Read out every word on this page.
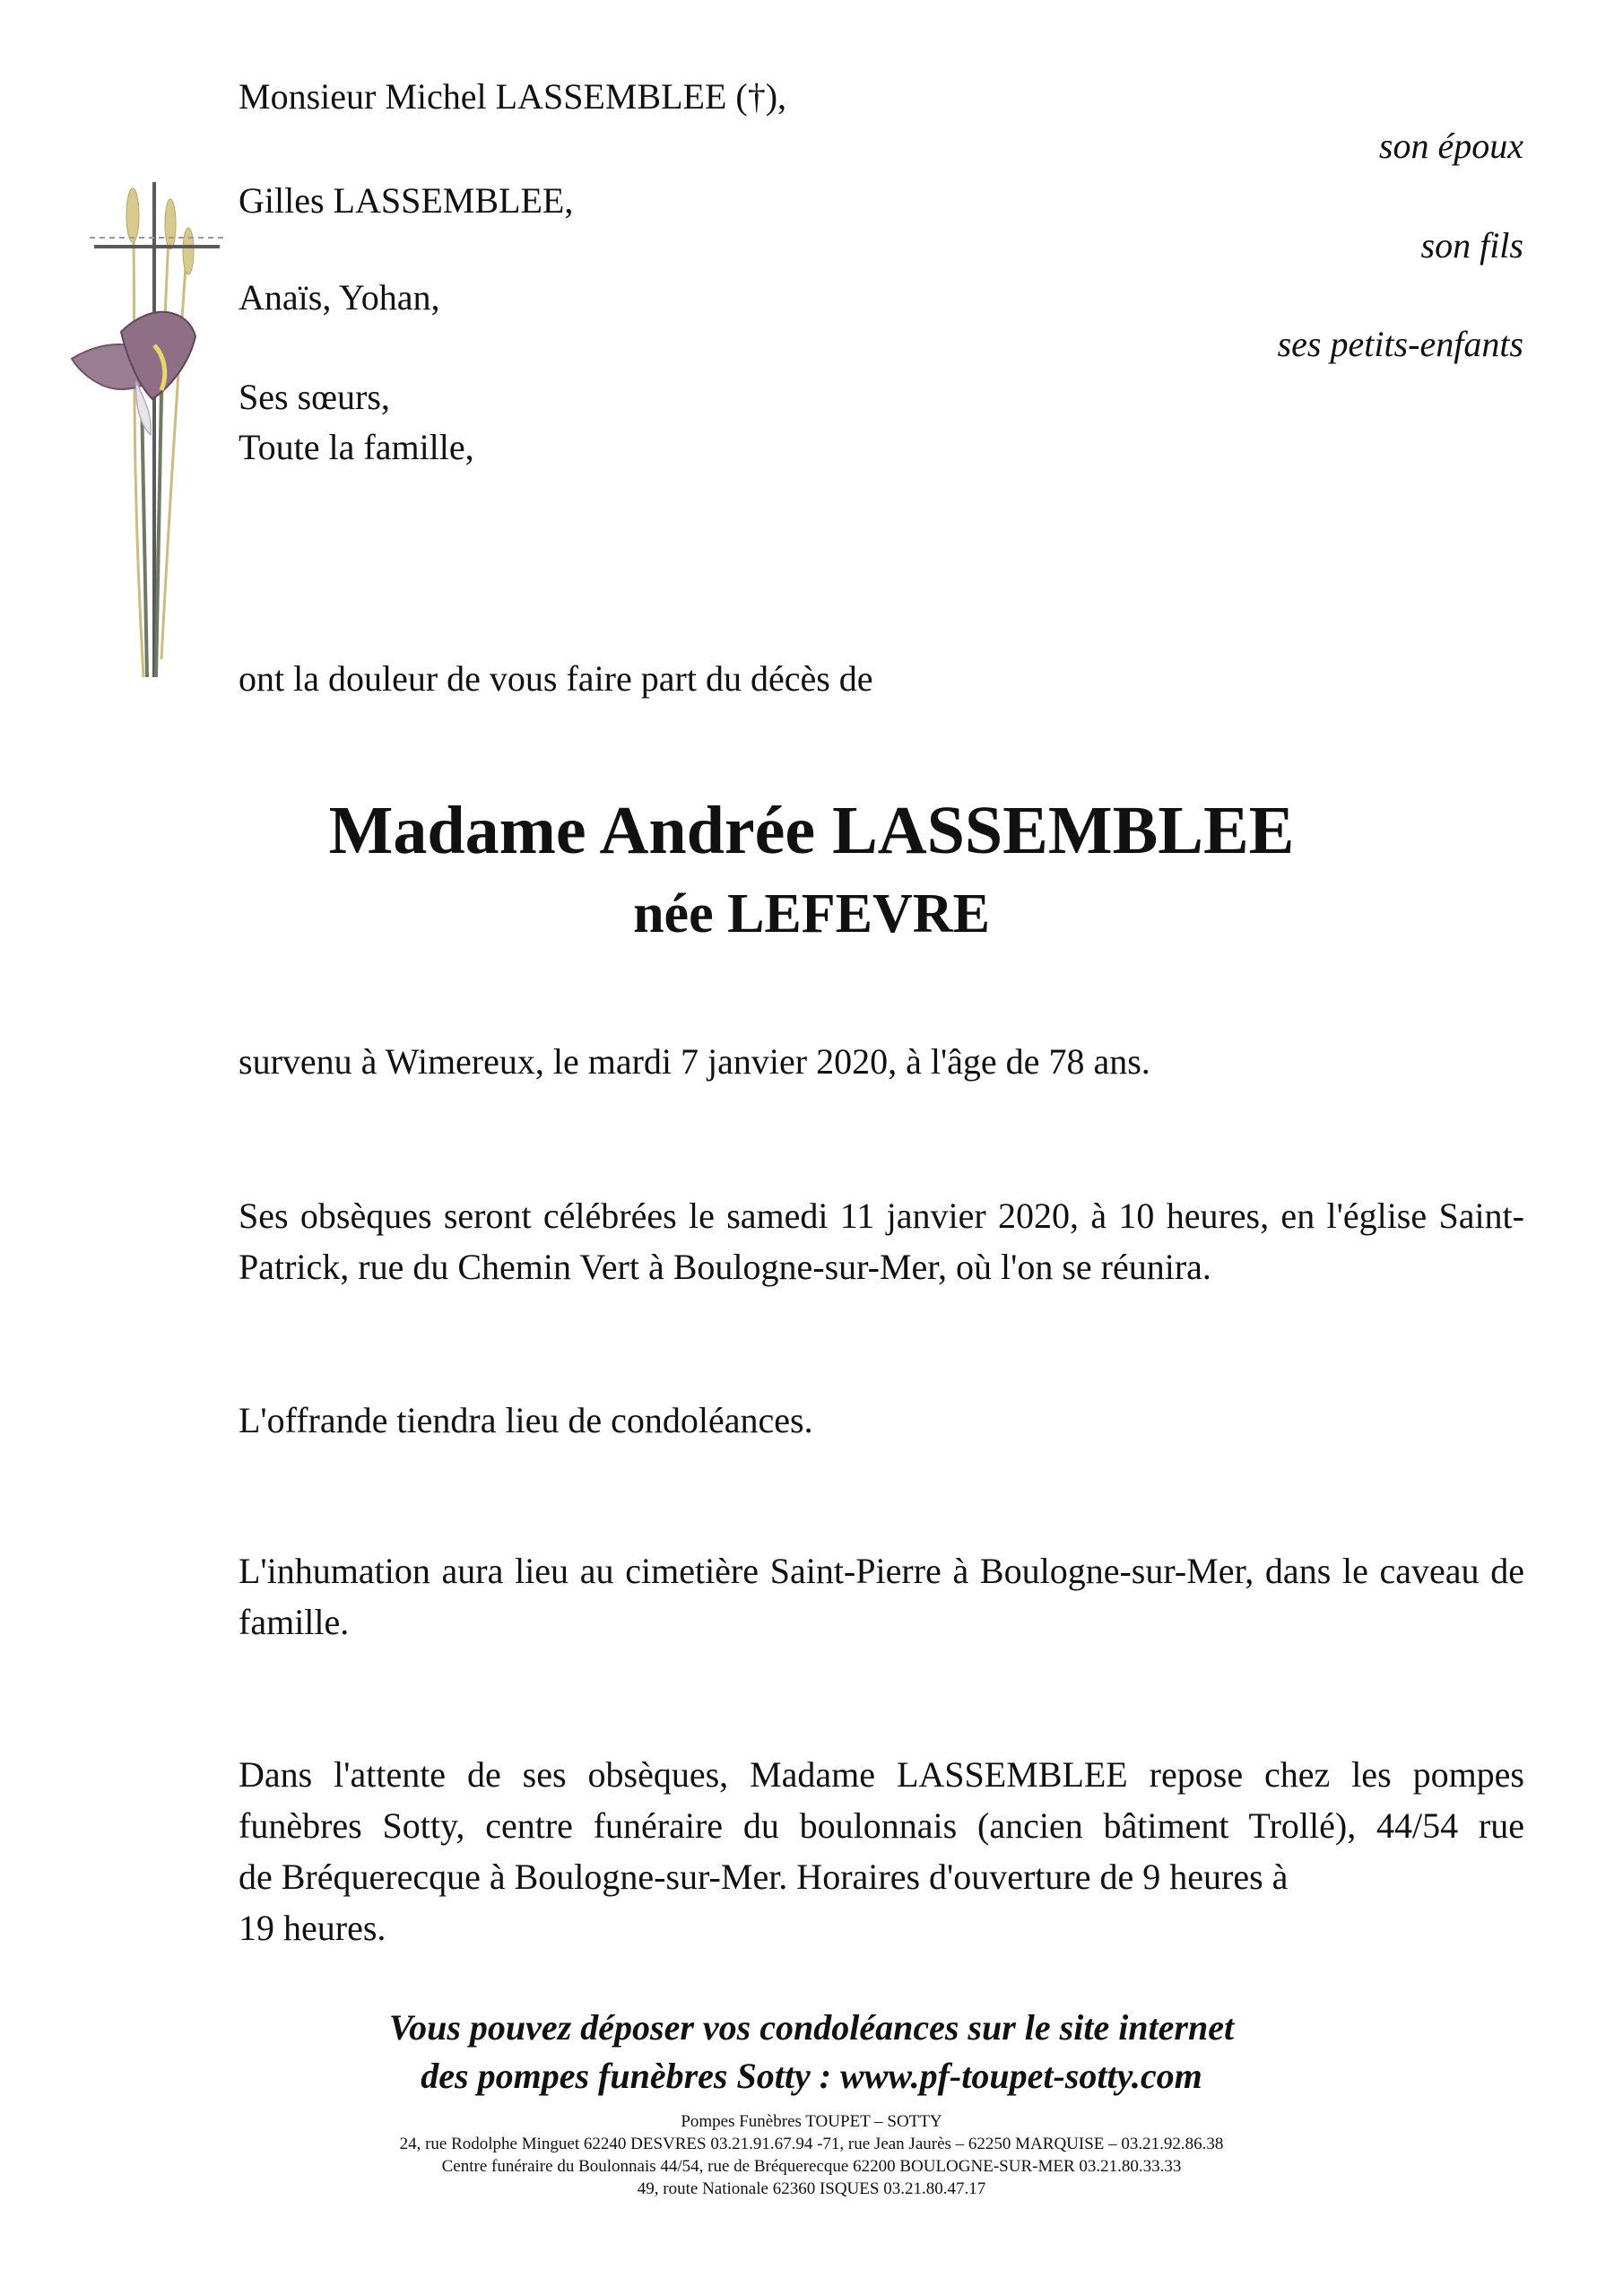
Monsieur Michel LASSEMBLEE (†),
Gilles LASSEMBLEE,
Anaïs, Yohan,
Ses sœurs,
Toute la famille,
son époux
son fils
ses petits-enfants
ont la douleur de vous faire part du décès de
Madame Andrée LASSEMBLEE
née LEFEVRE
survenu à Wimereux, le mardi 7 janvier 2020, à l'âge de 78 ans.
Ses obsèques seront célébrées le samedi 11 janvier 2020, à 10 heures, en l'église Saint-Patrick, rue du Chemin Vert à Boulogne-sur-Mer, où l'on se réunira.
L'offrande tiendra lieu de condoléances.
L'inhumation aura lieu au cimetière Saint-Pierre à Boulogne-sur-Mer, dans le caveau de famille.
Dans l'attente de ses obsèques, Madame LASSEMBLEE repose chez les pompes
funèbres Sotty, centre funéraire du boulonnais (ancien bâtiment Trollé), 44/54 rue
de Bréquerecque à Boulogne-sur-Mer. Horaires d'ouverture de 9 heures à
19 heures.
Vous pouvez déposer vos condoléances sur le site internet
des pompes funèbres Sotty : www.pf-toupet-sotty.com
Pompes Funèbres TOUPET – SOTTY
24, rue Rodolphe Minguet 62240 DESVRES 03.21.91.67.94 -71, rue Jean Jaurès – 62250 MARQUISE – 03.21.92.86.38
Centre funéraire du Boulonnais 44/54, rue de Bréquerecque 62200 BOULOGNE-SUR-MER 03.21.80.33.33
49, route Nationale 62360 ISQUES 03.21.80.47.17
